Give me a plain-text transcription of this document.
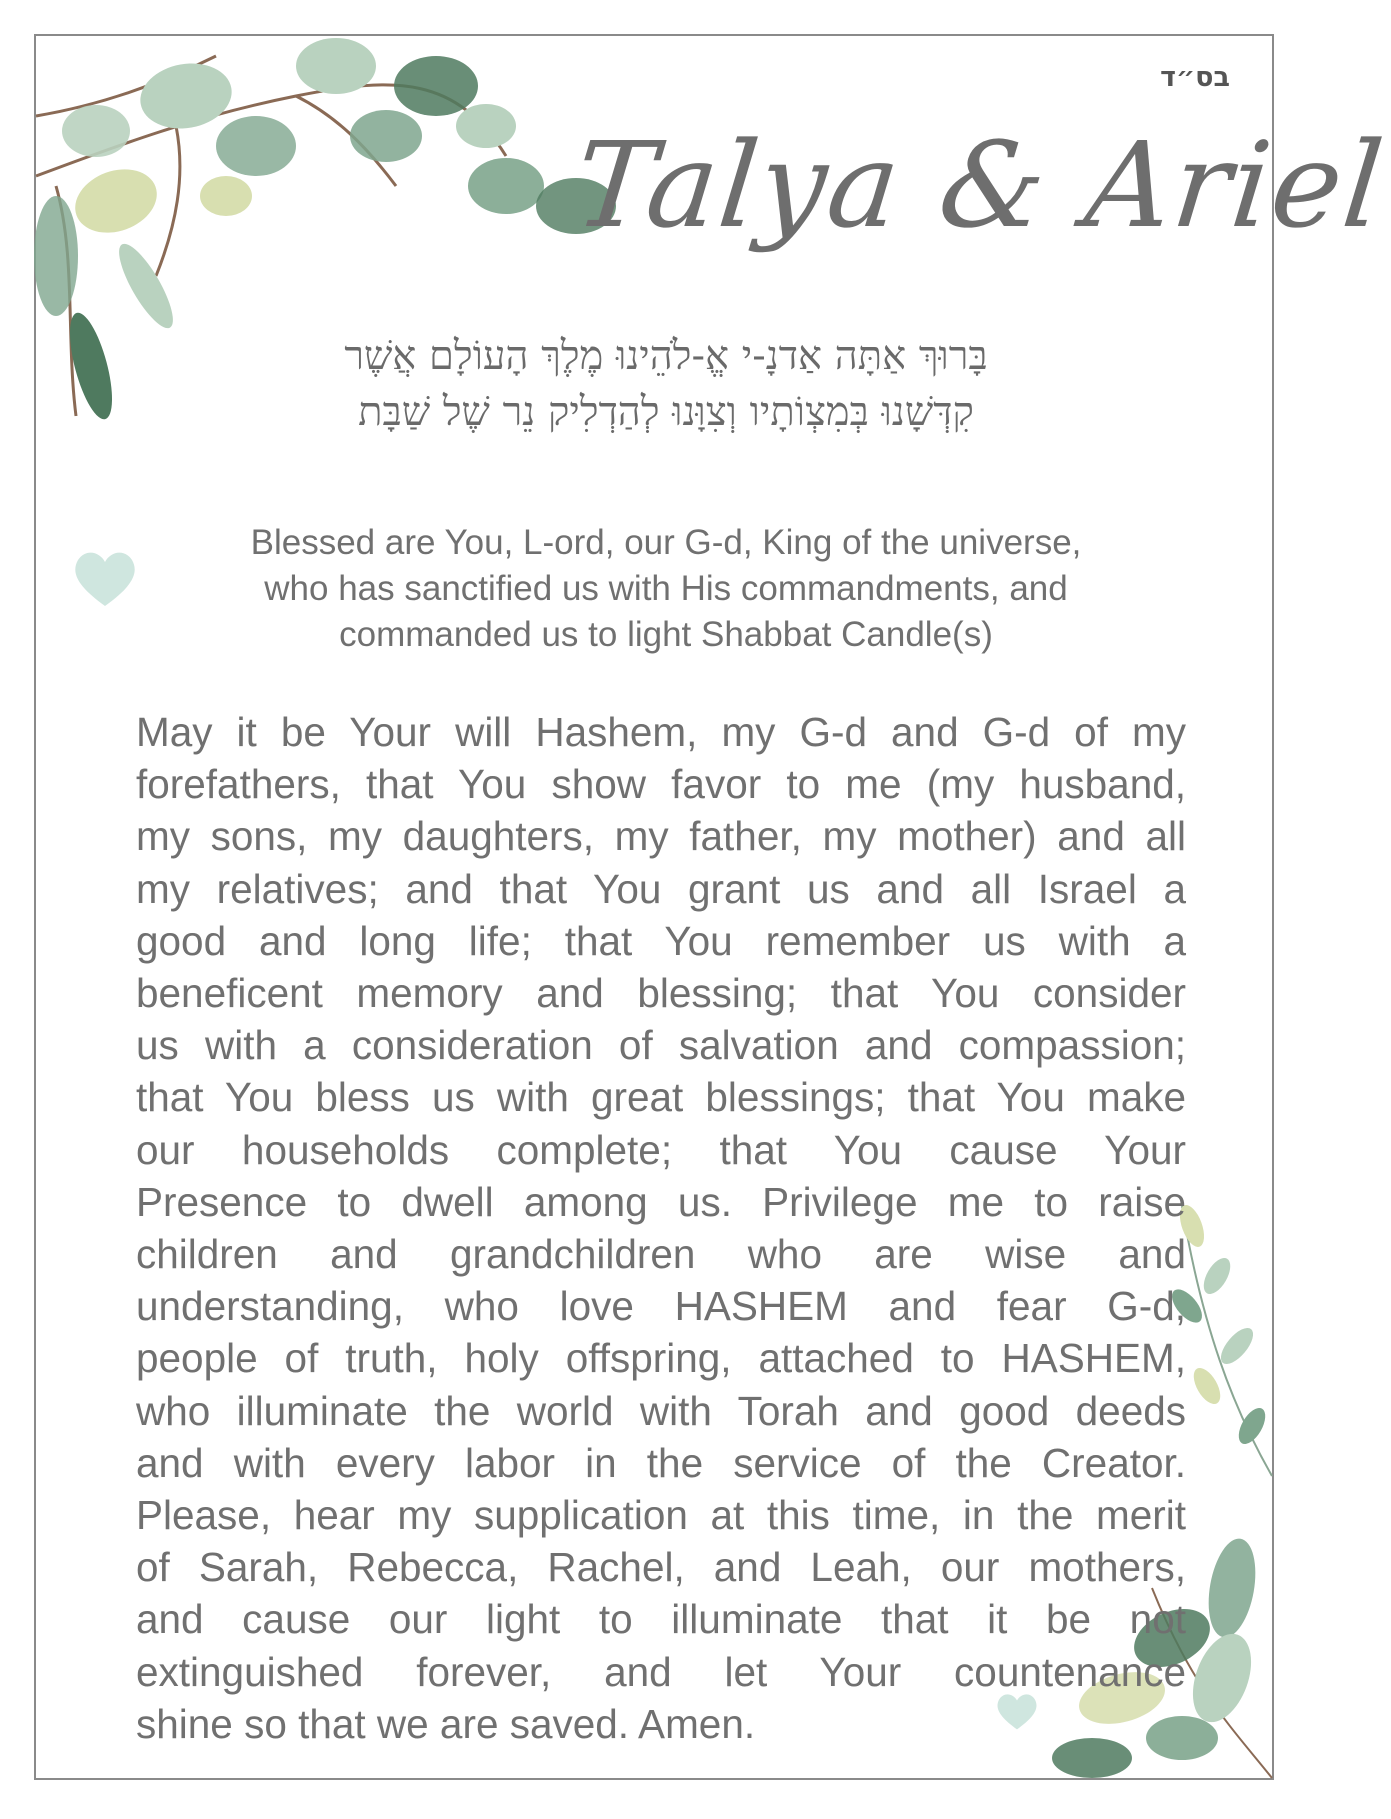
בס״ד
Talya & Ariel
בָּרוּךְ אַתָּה אַדנָ-י אֱ-לֹהֵינוּ מֶלֶךְ הָעוֹלָם אֲשֶׁר
קִדְּשָׁנוּ בְּמִצְוֹתָיו וְצִוָּנוּ לְהַדְלִיק נֵר שֶׁל שַׁבָּת
Blessed are You, L-ord, our G-d, King of the universe,
who has sanctified us with His commandments, and
commanded us to light Shabbat Candle(s)
May it be Your will Hashem, my G-d and G-d of my
forefathers, that You show favor to me (my husband,
my sons, my daughters, my father, my mother) and all
my relatives; and that You grant us and all Israel a
good and long life; that You remember us with a
beneficent memory and blessing; that You consider
us with a consideration of salvation and compassion;
that You bless us with great blessings; that You make
our households complete; that You cause Your
Presence to dwell among us. Privilege me to raise
children and grandchildren who are wise and
understanding, who love HASHEM and fear G-d,
people of truth, holy offspring, attached to HASHEM,
who illuminate the world with Torah and good deeds
and with every labor in the service of the Creator.
Please, hear my supplication at this time, in the merit
of Sarah, Rebecca, Rachel, and Leah, our mothers,
and cause our light to illuminate that it be not
extinguished forever, and let Your countenance
shine so that we are saved. Amen.
